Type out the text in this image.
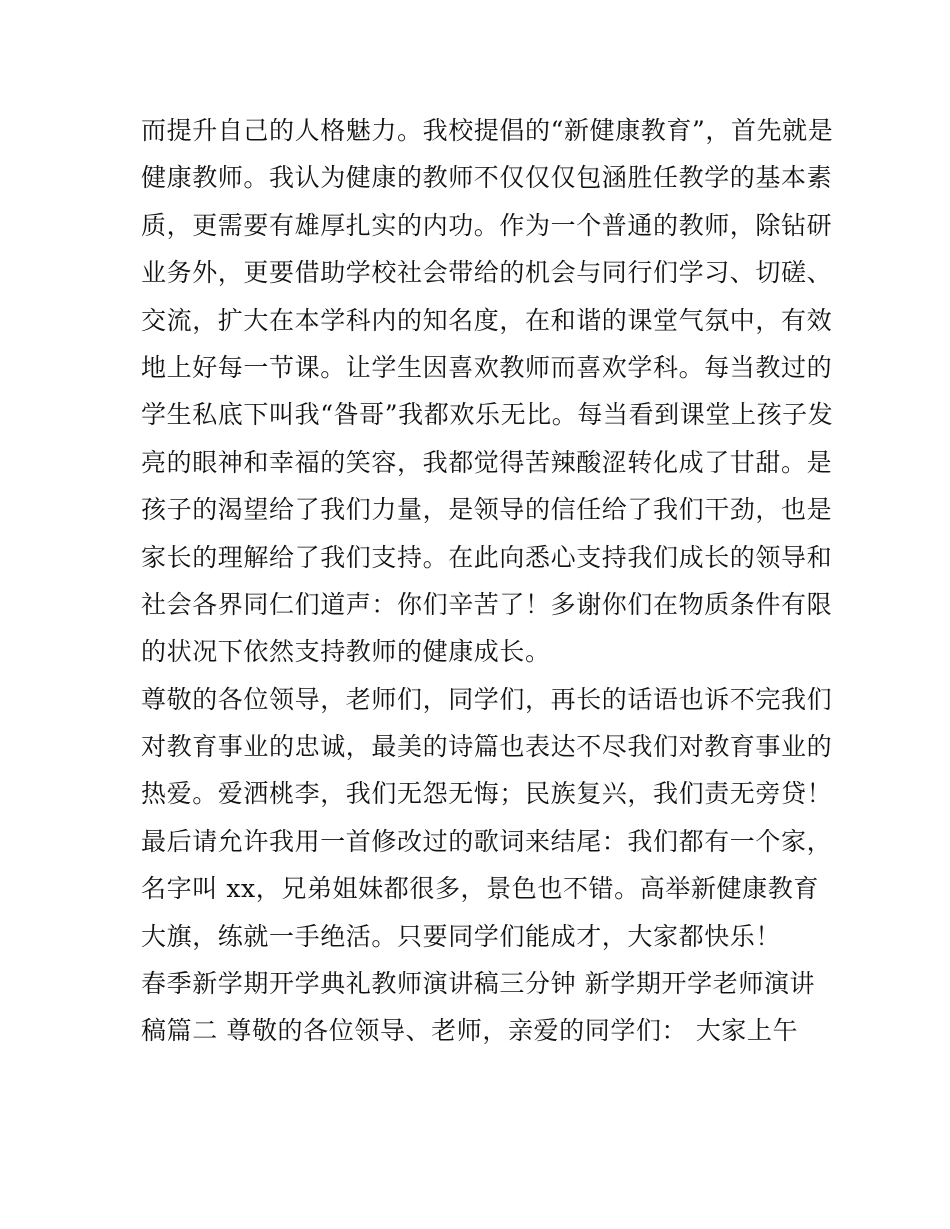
而提升自己的人格魅力。我校提倡的“新健康教育”，首先就是
健康教师。我认为健康的教师不仅仅仅包涵胜任教学的基本素
质，更需要有雄厚扎实的内功。作为一个普通的教师，除钻研
业务外，更要借助学校社会带给的机会与同行们学习、切磋、
交流，扩大在本学科内的知名度，在和谐的课堂气氛中，有效
地上好每一节课。让学生因喜欢教师而喜欢学科。每当教过的
学生私底下叫我“昝哥”我都欢乐无比。每当看到课堂上孩子发
亮的眼神和幸福的笑容，我都觉得苦辣酸涩转化成了甘甜。是
孩子的渴望给了我们力量，是领导的信任给了我们干劲，也是
家长的理解给了我们支持。在此向悉心支持我们成长的领导和
社会各界同仁们道声：你们辛苦了！多谢你们在物质条件有限
的状况下依然支持教师的健康成长。
尊敬的各位领导，老师们，同学们，再长的话语也诉不完我们
对教育事业的忠诚，最美的诗篇也表达不尽我们对教育事业的
热爱。爱洒桃李，我们无怨无悔；民族复兴，我们责无旁贷！
最后请允许我用一首修改过的歌词来结尾：我们都有一个家，
名字叫 xx，兄弟姐妹都很多，景色也不错。高举新健康教育
大旗，练就一手绝活。只要同学们能成才，大家都快乐！
春季新学期开学典礼教师演讲稿三分钟 新学期开学老师演讲
稿篇二 尊敬的各位领导、老师，亲爱的同学们： 大家上午
